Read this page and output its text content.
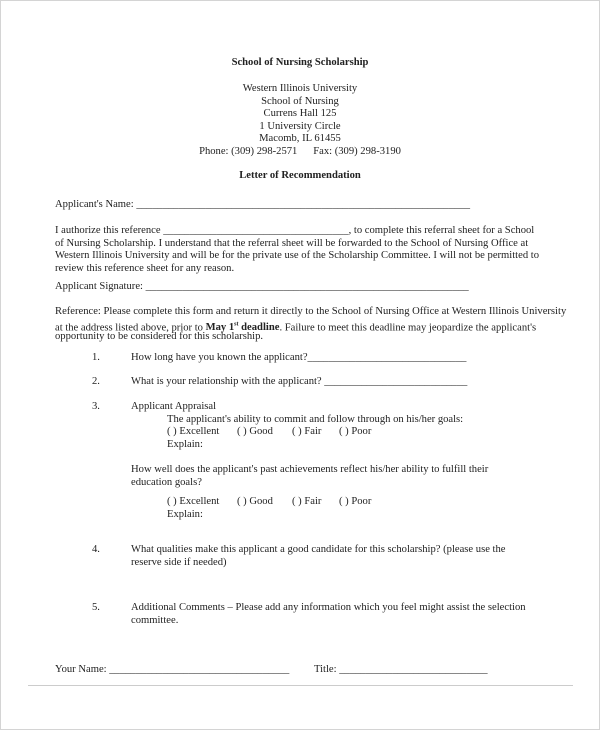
School of Nursing Scholarship
Western Illinois University
School of Nursing
Currens Hall 125
1 University Circle
Macomb, IL 61455
Phone: (309) 298-2571      Fax: (309) 298-3190
Letter of Recommendation
Applicant's Name: _______________________________________________________________
I authorize this reference ___________________________________, to complete this referral sheet for a School
of Nursing Scholarship. I understand that the referral sheet will be forwarded to the School of Nursing Office at
Western Illinois University and will be for the private use of the Scholarship Committee. I will not be permitted to
review this reference sheet for any reason.
Applicant Signature: _____________________________________________________________
Reference: Please complete this form and return it directly to the School of Nursing Office at Western Illinois University
at the address listed above, prior to May 1st deadline. Failure to meet this deadline may jeopardize the applicant's
opportunity to be considered for this scholarship.
1.	How long have you known the applicant?______________________________
2.	What is your relationship with the applicant? ___________________________
3.	Applicant Appraisal
The applicant's ability to commit and follow through on his/her goals:
( ) Excellent ( ) Good ( ) Fair ( ) Poor
Explain:
How well does the applicant's past achievements reflect his/her ability to fulfill their
education goals?
( ) Excellent ( ) Good ( ) Fair ( ) Poor
Explain:
4.	What qualities make this applicant a good candidate for this scholarship? (please use the
reserve side if needed)
5.	Additional Comments – Please add any information which you feel might assist the selection
committee.
Your Name: __________________________________ Title: ____________________________
